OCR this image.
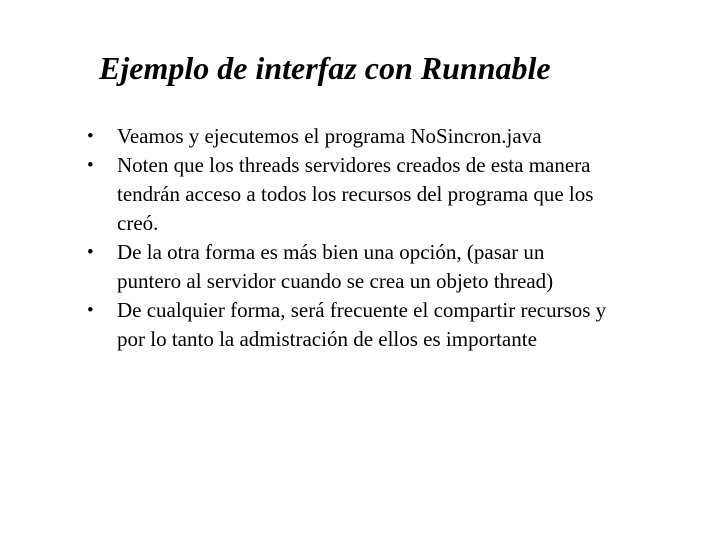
Ejemplo de interfaz con Runnable
• Veamos y ejecutemos el programa NoSincron.java
• Noten que los threads servidores creados de esta manera
tendrán acceso a todos los recursos del programa que los
creó.
• De la otra forma es más bien una opción, (pasar un
puntero al servidor cuando se crea un objeto thread)
• De cualquier forma, será frecuente el compartir recursos y
por lo tanto la admistración de ellos es importante
